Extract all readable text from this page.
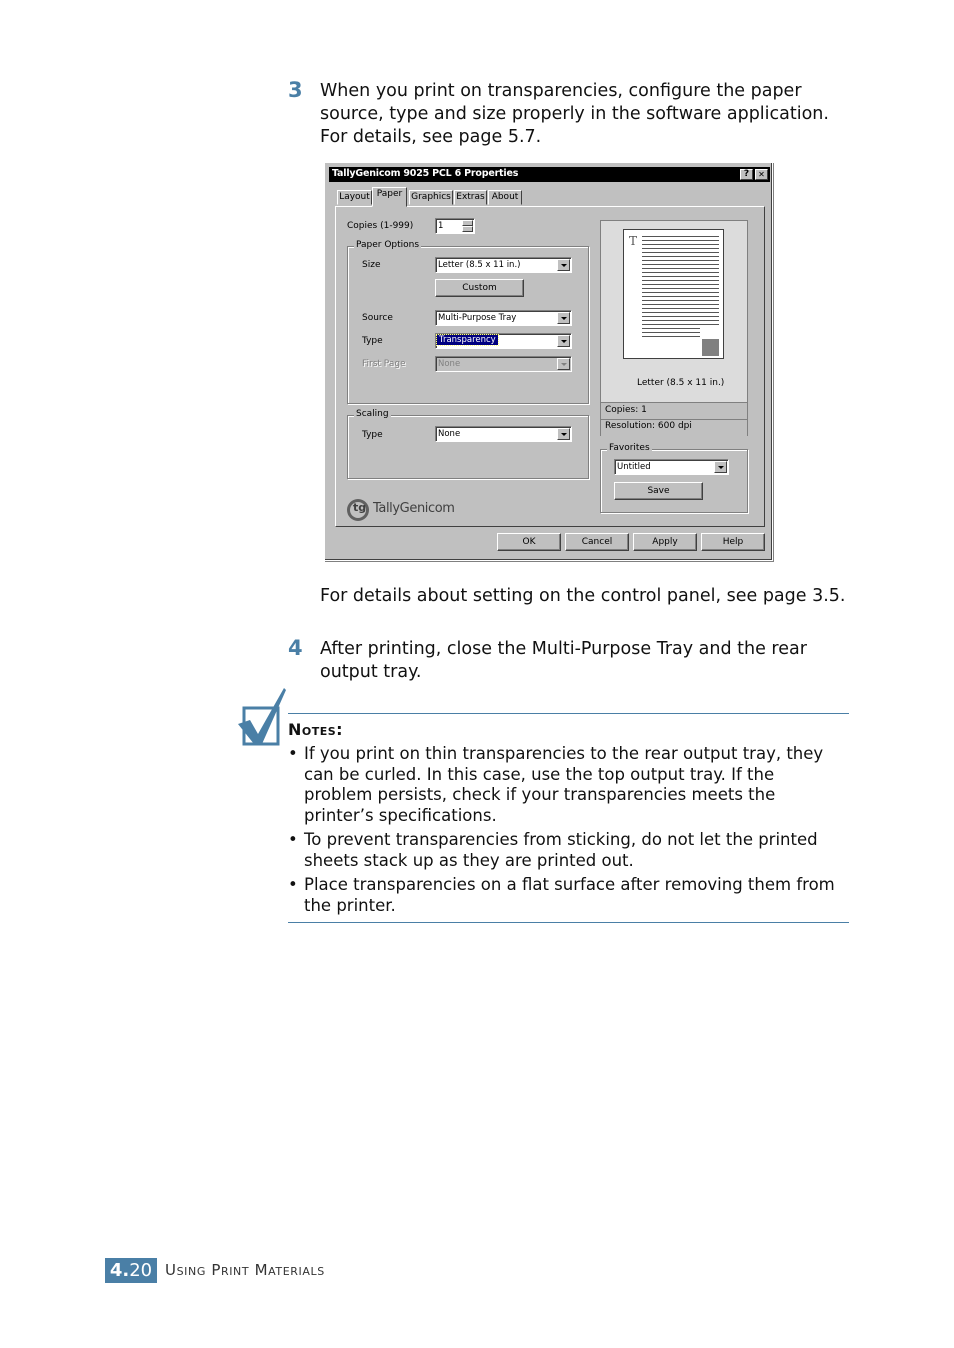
3 When you print on transparencies, configure the paper
source, type and size properly in the software application.
For details, see page 5.7.
TallyGenicom 9025 PCL 6 Properties	?	✕
Layout Paper Graphics Extras About
Copies (1-999)	1
Paper Options
Size	Letter (8.5 x 11 in.)
Custom
Source	Multi-Purpose Tray
Type	Transparency
First Page	None
Scaling
Type	None
tg TallyGenicom
T
Letter (8.5 x 11 in.)
Copies: 1
Resolution: 600 dpi
Favorites
Untitled
Save
OK	Cancel	Apply	Help
For details about setting on the control panel, see page 3.5.
4 After printing, close the Multi-Purpose Tray and the rear
output tray.
Notes:
• If you print on thin transparencies to the rear output tray, they
can be curled. In this case, use the top output tray. If the
problem persists, check if your transparencies meets the
printer’s specifications.
• To prevent transparencies from sticking, do not let the printed
sheets stack up as they are printed out.
• Place transparencies on a flat surface after removing them from
the printer.
4.20 Using Print Materials
